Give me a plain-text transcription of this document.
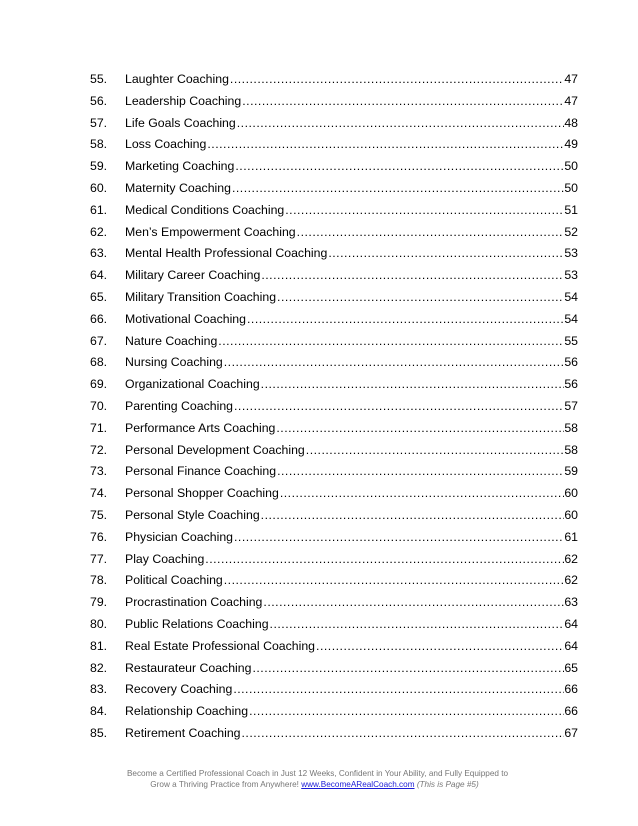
55. Laughter Coaching .....	47
56. Leadership Coaching .....	47
57. Life Goals Coaching .....	48
58. Loss Coaching .....	49
59. Marketing Coaching .....	50
60. Maternity Coaching .....	50
61. Medical Conditions Coaching .....	51
62. Men’s Empowerment Coaching .....	52
63. Mental Health Professional Coaching .....	53
64. Military Career Coaching .....	53
65. Military Transition Coaching .....	54
66. Motivational Coaching .....	54
67. Nature Coaching .....	55
68. Nursing Coaching .....	56
69. Organizational Coaching .....	56
70. Parenting Coaching .....	57
71. Performance Arts Coaching .....	58
72. Personal Development Coaching .....	58
73. Personal Finance Coaching .....	59
74. Personal Shopper Coaching .....	60
75. Personal Style Coaching .....	60
76. Physician Coaching .....	61
77. Play Coaching .....	62
78. Political Coaching .....	62
79. Procrastination Coaching .....	63
80. Public Relations Coaching .....	64
81. Real Estate Professional Coaching .....	64
82. Restaurateur Coaching .....	65
83. Recovery Coaching .....	66
84. Relationship Coaching .....	66
85. Retirement Coaching .....	67
Become a Certified Professional Coach in Just 12 Weeks, Confident in Your Ability, and Fully Equipped to
Grow a Thriving Practice from Anywhere! www.BecomeARealCoach.com (This is Page #5)
